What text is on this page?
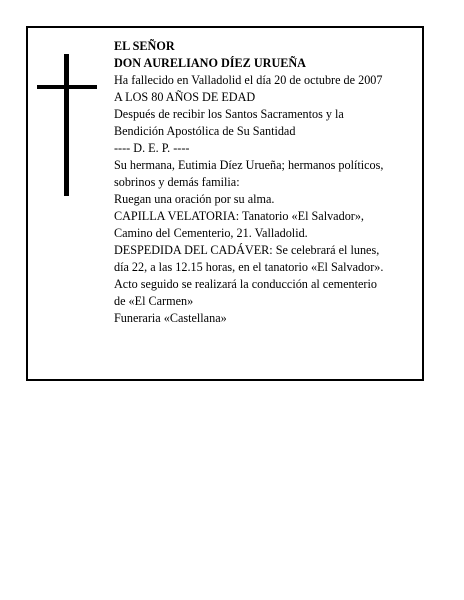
EL SEÑOR
DON AURELIANO DÍEZ URUEÑA
Ha fallecido en Valladolid el día 20 de octubre de 2007
A LOS 80 AÑOS DE EDAD
Después de recibir los Santos Sacramentos y la
Bendición Apostólica de Su Santidad
---- D. E. P. ----
Su hermana, Eutimia Díez Urueña; hermanos políticos,
sobrinos y demás familia:
Ruegan una oración por su alma.
CAPILLA VELATORIA: Tanatorio «El Salvador»,
Camino del Cementerio, 21. Valladolid.
DESPEDIDA DEL CADÁVER: Se celebrará el lunes,
día 22, a las 12.15 horas, en el tanatorio «El Salvador».
Acto seguido se realizará la conducción al cementerio
de «El Carmen»
Funeraria «Castellana»
